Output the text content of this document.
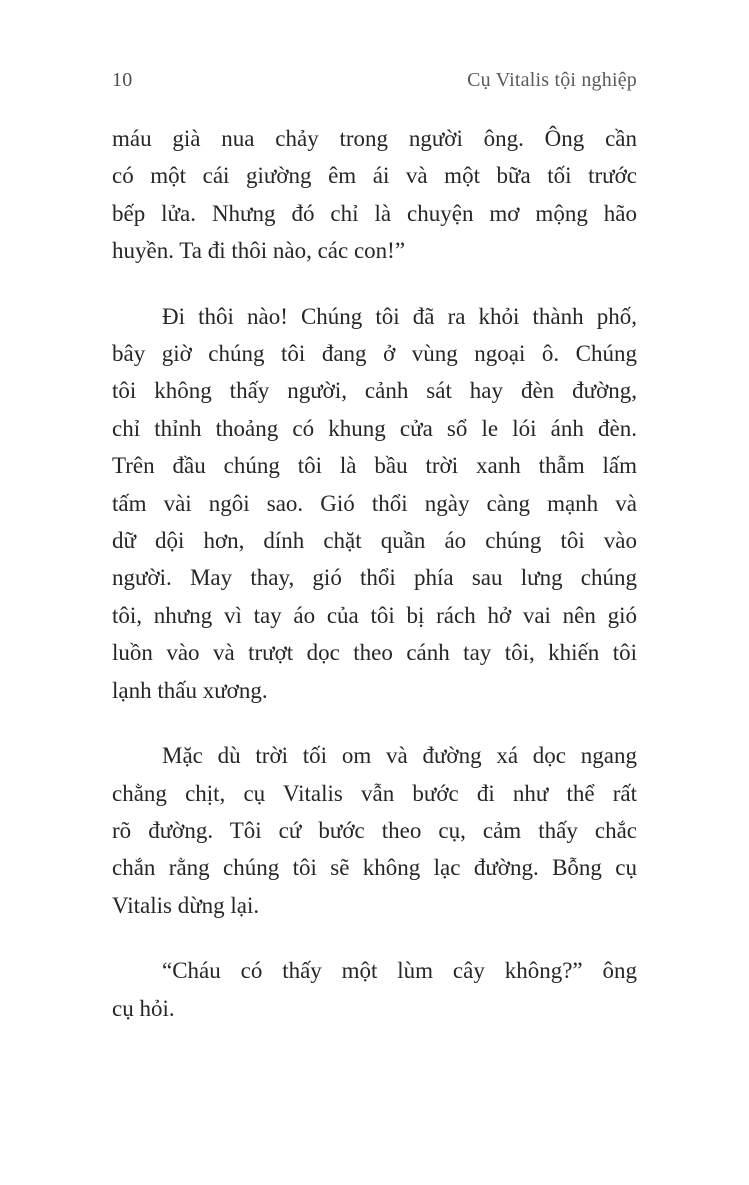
10	Cụ Vitalis tội nghiệp
máu già nua chảy trong người ông. Ông cần
có một cái giường êm ái và một bữa tối trước
bếp lửa. Nhưng đó chỉ là chuyện mơ mộng hão
huyền. Ta đi thôi nào, các con!”
Đi thôi nào! Chúng tôi đã ra khỏi thành phố,
bây giờ chúng tôi đang ở vùng ngoại ô. Chúng
tôi không thấy người, cảnh sát hay đèn đường,
chỉ thỉnh thoảng có khung cửa sổ le lói ánh đèn.
Trên đầu chúng tôi là bầu trời xanh thẫm lấm
tấm vài ngôi sao. Gió thổi ngày càng mạnh và
dữ dội hơn, dính chặt quần áo chúng tôi vào
người. May thay, gió thổi phía sau lưng chúng
tôi, nhưng vì tay áo của tôi bị rách hở vai nên gió
luồn vào và trượt dọc theo cánh tay tôi, khiến tôi
lạnh thấu xương.
Mặc dù trời tối om và đường xá dọc ngang
chằng chịt, cụ Vitalis vẫn bước đi như thể rất
rõ đường. Tôi cứ bước theo cụ, cảm thấy chắc
chắn rằng chúng tôi sẽ không lạc đường. Bỗng cụ
Vitalis dừng lại.
“Cháu có thấy một lùm cây không?” ông
cụ hỏi.
